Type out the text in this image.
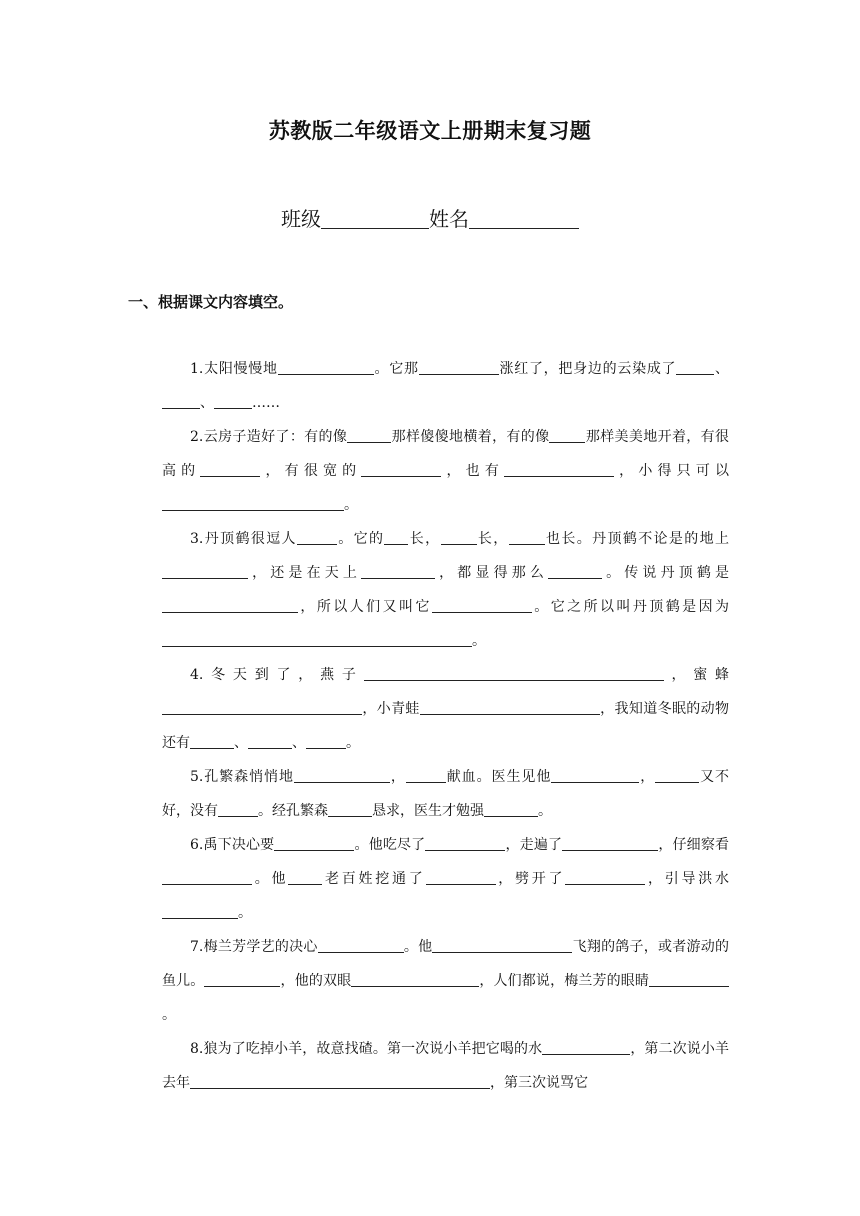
苏教版二年级语文上册期末复习题
班级	姓名
一、根据课文内容填空。

1.太阳慢慢地	。它那	涨红了，把身边的云染成了	、、	……

2.云房子造好了：有的像	那样傻傻地横着，有的像	那样美美地开着，有很高的	，有很宽的	，也有	，小得只可以。

3.丹顶鹤很逗人	。它的 长，	长，	也长。丹顶鹤不论是的地上，还是在天上	，都显得那么	。传说丹顶鹤是，所以人们又叫它	。它之所以叫丹顶鹤是因为。

4.冬天到了，燕子	，蜜蜂，小青蛙	，我知道冬眠的动物还有	、	、	。

5.孔繁森悄悄地	，	献血。医生见他	，	又不好，没有	。经孔繁森	恳求，医生才勉强	。

6.禹下决心要	。他吃尽了	，走遍了	，仔细察看。他 老百姓挖通了	，劈开了	，引导洪水。

7.梅兰芳学艺的决心	。他	飞翔的鸽子，或者游动的鱼儿。	，他的双眼	，人们都说，梅兰芳的眼睛。

8.狼为了吃掉小羊，故意找碴。第一次说小羊把它喝的水	，第二次说小羊去年	，第三次说骂它
